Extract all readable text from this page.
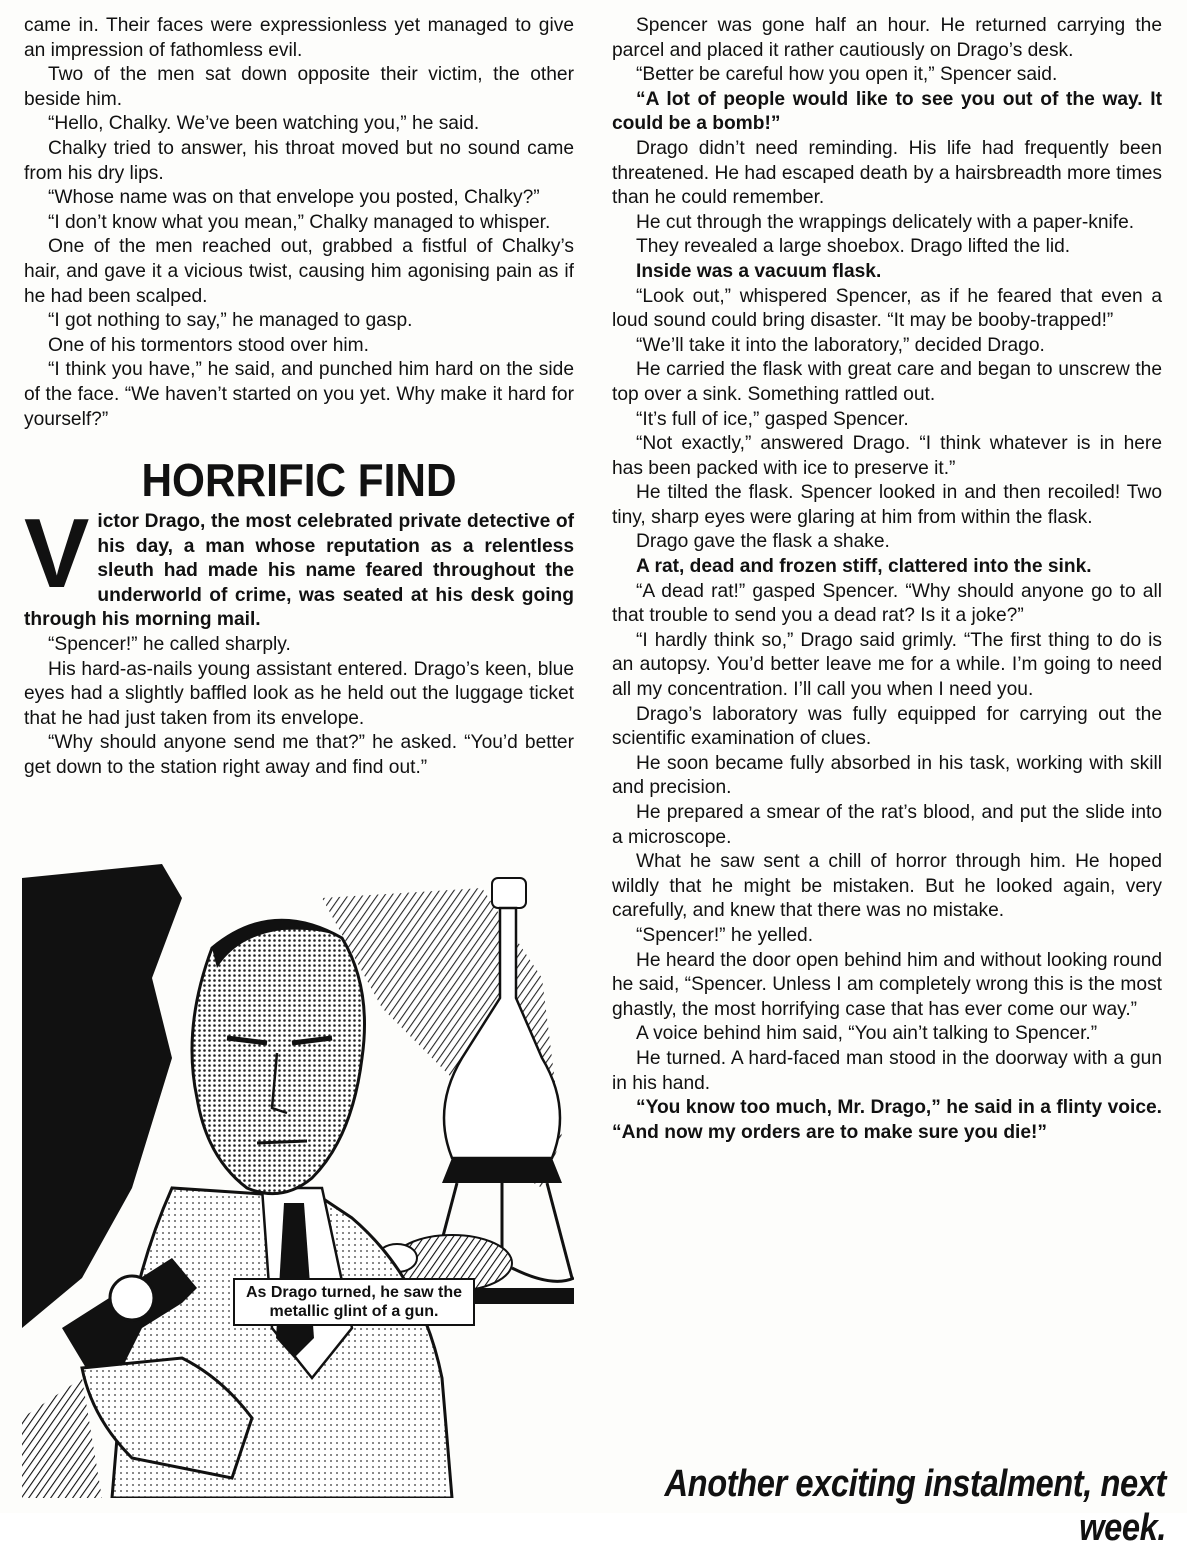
came in. Their faces were expressionless yet managed to give an impression of fathomless evil.

Two of the men sat down opposite their victim, the other beside him.

“Hello, Chalky. We’ve been watching you,” he said.

Chalky tried to answer, his throat moved but no sound came from his dry lips.

“Whose name was on that envelope you posted, Chalky?”

“I don’t know what you mean,” Chalky managed to whisper.

One of the men reached out, grabbed a fistful of Chalky’s hair, and gave it a vicious twist, causing him agonising pain as if he had been scalped.

“I got nothing to say,” he managed to gasp.

One of his tormentors stood over him.

“I think you have,” he said, and punched him hard on the side of the face. “We haven’t started on you yet. Why make it hard for yourself?”

HORRIFIC FIND

Victor Drago, the most celebrated private detective of his day, a man whose reputation as a relentless sleuth had made his name feared throughout the underworld of crime, was seated at his desk going through his morning mail.

“Spencer!” he called sharply.

His hard-as-nails young assistant entered. Drago’s keen, blue eyes had a slightly baffled look as he held out the luggage ticket that he had just taken from its envelope.

“Why should anyone send me that?” he asked. “You’d better get down to the station right away and find out.”

As Drago turned, he saw the metallic glint of a gun.

Spencer was gone half an hour. He returned carrying the parcel and placed it rather cautiously on Drago’s desk.

“Better be careful how you open it,” Spencer said.

“A lot of people would like to see you out of the way. It could be a bomb!”

Drago didn’t need reminding. His life had frequently been threatened. He had escaped death by a hairsbreadth more times than he could remember.

He cut through the wrappings delicately with a paper-knife.

They revealed a large shoebox. Drago lifted the lid.

Inside was a vacuum flask.

“Look out,” whispered Spencer, as if he feared that even a loud sound could bring disaster. “It may be booby-trapped!”

“We’ll take it into the laboratory,” decided Drago.

He carried the flask with great care and began to unscrew the top over a sink. Something rattled out.

“It’s full of ice,” gasped Spencer.

“Not exactly,” answered Drago. “I think whatever is in here has been packed with ice to preserve it.”

He tilted the flask. Spencer looked in and then recoiled! Two tiny, sharp eyes were glaring at him from within the flask.

Drago gave the flask a shake.

A rat, dead and frozen stiff, clattered into the sink.

“A dead rat!” gasped Spencer. “Why should anyone go to all that trouble to send you a dead rat? Is it a joke?”

“I hardly think so,” Drago said grimly. “The first thing to do is an autopsy. You’d better leave me for a while. I’m going to need all my concentration. I’ll call you when I need you.

Drago’s laboratory was fully equipped for carrying out the scientific examination of clues.

He soon became fully absorbed in his task, working with skill and precision.

He prepared a smear of the rat’s blood, and put the slide into a microscope.

What he saw sent a chill of horror through him. He hoped wildly that he might be mistaken. But he looked again, very carefully, and knew that there was no mistake.

“Spencer!” he yelled.

He heard the door open behind him and without looking round he said, “Spencer. Unless I am completely wrong this is the most ghastly, the most horrifying case that has ever come our way.”

A voice behind him said, “You ain’t talking to Spencer.”

He turned. A hard-faced man stood in the doorway with a gun in his hand.

“You know too much, Mr. Drago,” he said in a flinty voice. “And now my orders are to make sure you die!”

Another exciting instalment, next week.
